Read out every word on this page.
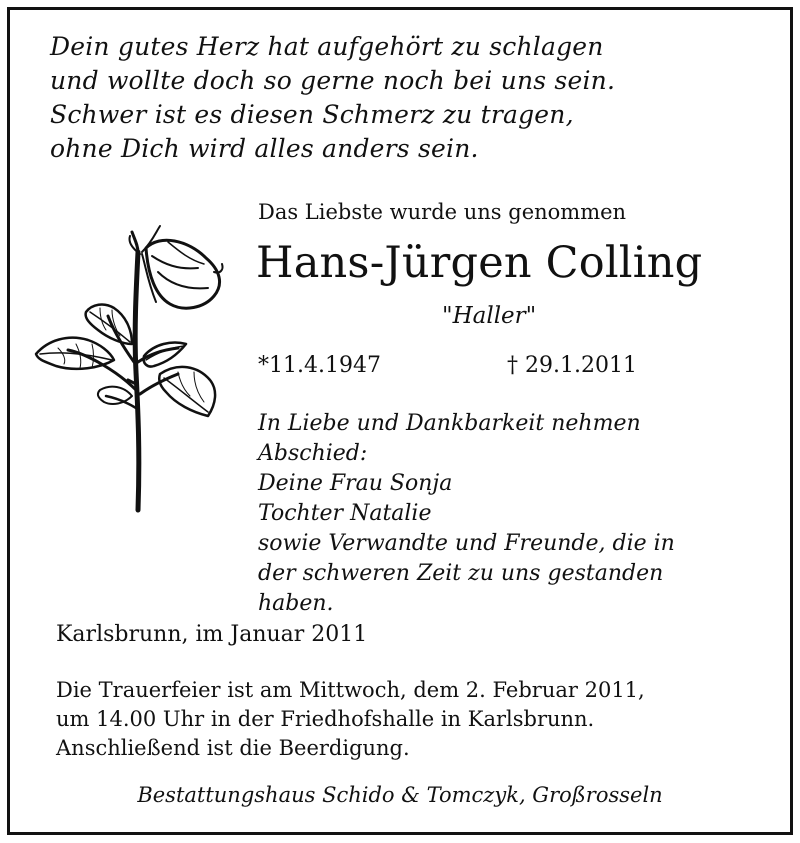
Dein gutes Herz hat aufgehört zu schlagen
und wollte doch so gerne noch bei uns sein.
Schwer ist es diesen Schmerz zu tragen,
ohne Dich wird alles anders sein.
Das Liebste wurde uns genommen
Hans-Jürgen Colling
"Haller"
*11.4.1947	† 29.1.2011
In Liebe und Dankbarkeit nehmen
Abschied:
Deine Frau Sonja
Tochter Natalie
sowie Verwandte und Freunde, die in
der schweren Zeit zu uns gestanden
haben.
Karlsbrunn, im Januar 2011
Die Trauerfeier ist am Mittwoch, dem 2. Februar 2011,
um 14.00 Uhr in der Friedhofshalle in Karlsbrunn.
Anschließend ist die Beerdigung.
Bestattungshaus Schido & Tomczyk, Großrosseln
